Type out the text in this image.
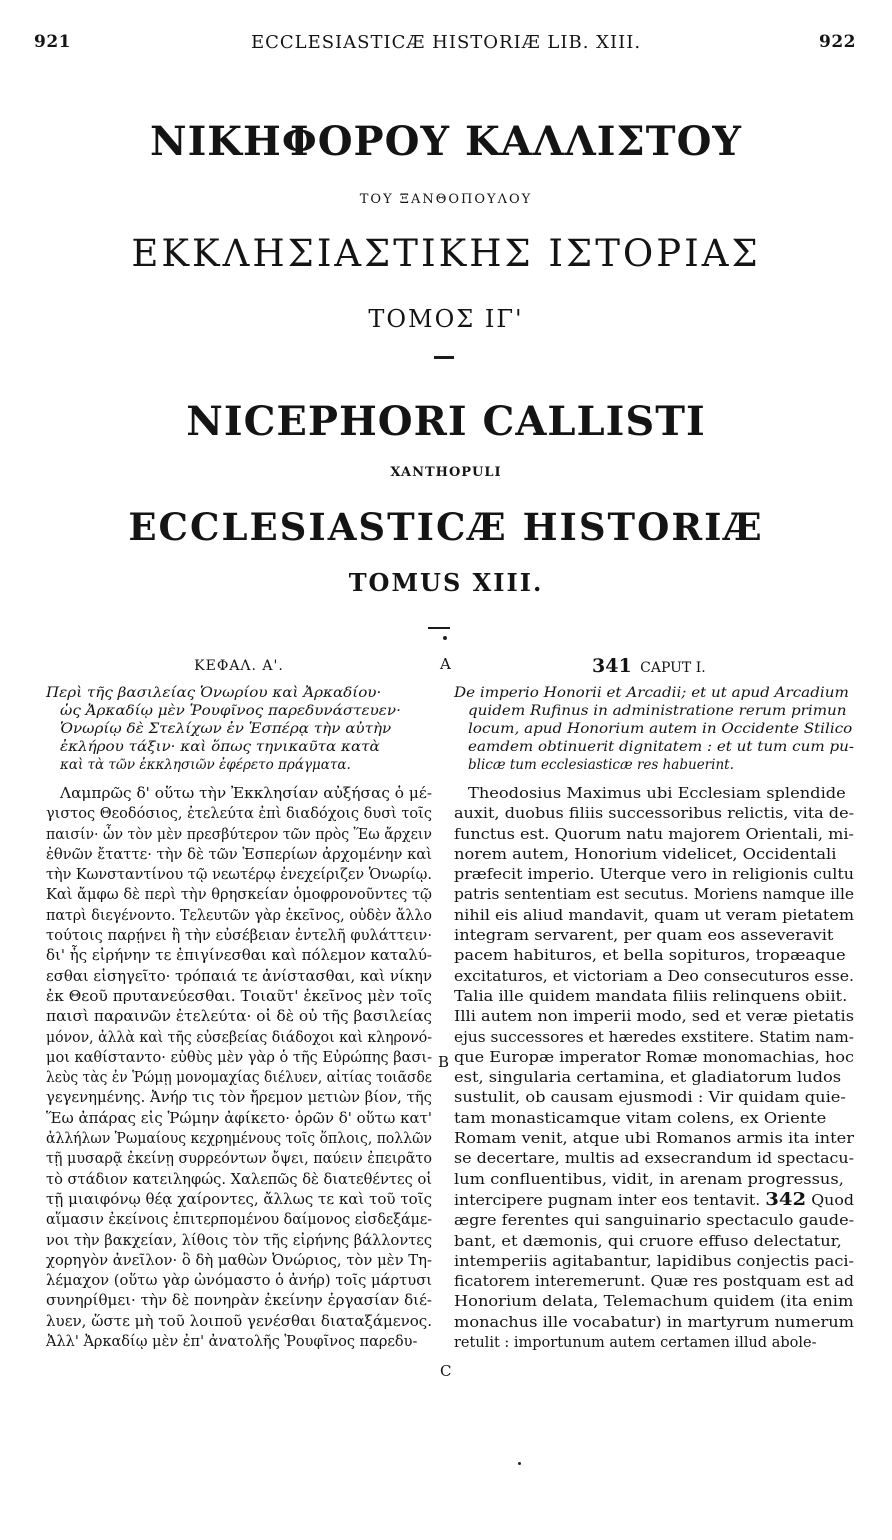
921	ECCLESIASTICÆ HISTORIÆ LIB. XIII.	922
ΝΙΚΗΦΟΡΟΥ ΚΑΛΛΙΣΤΟΥ
ΤΟΥ ΞΑΝΘΟΠΟΥΛΟΥ
ΕΚΚΛΗΣΙΑΣΤΙΚΗΣ ΙΣΤΟΡΙΑΣ
ΤΟΜΟΣ ΙΓ'
NICEPHORI CALLISTI
XANTHOPULI
ECCLESIASTICÆ HISTORIÆ
TOMUS XIII.
ΚΕΦΑΛ. Α'.
Περὶ τῆς βασιλείας Ὁνωρίου καὶ Ἀρκαδίου·
ὡς Ἀρκαδίῳ μὲν Ῥουφῖνος παρεδυνάστευεν·
Ὁνωρίῳ δὲ Στελίχων ἐν Ἑσπέρᾳ τὴν αὐτὴν
ἐκλήρου τάξιν· καὶ ὅπως τηνικαῦτα κατὰ
καὶ τὰ τῶν ἐκκλησιῶν ἐφέρετο πράγματα.
Λαμπρῶς δ' οὕτω τὴν Ἐκκλησίαν αὐξήσας ὁ μέ-
γιστος Θεοδόσιος, ἐτελεύτα ἐπὶ διαδόχοις δυσὶ τοῖς
παισίν· ὧν τὸν μὲν πρεσβύτερον τῶν πρὸς Ἕω ἄρχειν
ἐθνῶν ἔταττε· τὴν δὲ τῶν Ἑσπερίων ἀρχομένην καὶ
τὴν Κωνσταντίνου τῷ νεωτέρῳ ἐνεχείριζεν Ὁνωρίῳ.
Καὶ ἄμφω δὲ περὶ τὴν θρησκείαν ὁμοφρονοῦντες τῷ
πατρὶ διεγένοντο. Τελευτῶν γὰρ ἐκεῖνος, οὐδὲν ἄλλο
τούτοις παρῄνει ἢ τὴν εὐσέβειαν ἐντελῆ φυλάττειν·
δι' ἧς εἰρήνην τε ἐπιγίνεσθαι καὶ πόλεμον καταλύ-
εσθαι εἰσηγεῖτο· τρόπαιά τε ἀνίστασθαι, καὶ νίκην
ἐκ Θεοῦ πρυτανεύεσθαι. Τοιαῦτ' ἐκεῖνος μὲν τοῖς
παισὶ παραινῶν ἐτελεύτα· οἱ δὲ οὐ τῆς βασιλείας
μόνον, ἀλλὰ καὶ τῆς εὐσεβείας διάδοχοι καὶ κληρονό-
μοι καθίσταντο· εὐθὺς μὲν γὰρ ὁ τῆς Εὐρώπης βασι-
λεὺς τὰς ἐν Ῥώμῃ μονομαχίας διέλυεν, αἰτίας τοιᾶσδε
γεγενημένης. Ἀνήρ τις τὸν ἤρεμον μετιὼν βίον, τῆς
Ἕω ἀπάρας εἰς Ῥώμην ἀφίκετο· ὁρῶν δ' οὕτω κατ'
ἀλλήλων Ῥωμαίους κεχρημένους τοῖς ὅπλοις, πολλῶν
τῇ μυσαρᾷ ἐκείνῃ συρρεόντων ὄψει, παύειν ἐπειρᾶτο
τὸ στάδιον κατειληφώς. Χαλεπῶς δὲ διατεθέντες οἱ
τῇ μιαιφόνῳ θέᾳ χαίροντες, ἄλλως τε καὶ τοῦ τοῖς
αἵμασιν ἐκείνοις ἐπιτερπομένου δαίμονος εἰσδεξάμε-
νοι τὴν βακχείαν, λίθοις τὸν τῆς εἰρήνης βάλλοντες
χορηγὸν ἀνεῖλον· ὃ δὴ μαθὼν Ὀνώριος, τὸν μὲν Τη-
λέμαχον (οὕτω γὰρ ὠνόμαστο ὁ ἀνήρ) τοῖς μάρτυσι
συνηρίθμει· τὴν δὲ πονηρὰν ἐκείνην ἐργασίαν διέ-
λυεν, ὥστε μὴ τοῦ λοιποῦ γενέσθαι διαταξάμενος.
Ἀλλ' Ἀρκαδίῳ μὲν ἐπ' ἀνατολῆς Ῥουφῖνος παρεδυ-
A
B
C
341 CAPUT I.
De imperio Honorii et Arcadii; et ut apud Arcadium
quidem Rufinus in administratione rerum primun
locum, apud Honorium autem in Occidente Stilico
eamdem obtinuerit dignitatem : et ut tum cum pu-
blicæ tum ecclesiasticæ res habuerint.
Theodosius Maximus ubi Ecclesiam splendide
auxit, duobus filiis successoribus relictis, vita de-
functus est. Quorum natu majorem Orientali, mi-
norem autem, Honorium videlicet, Occidentali
præfecit imperio. Uterque vero in religionis cultu
patris sententiam est secutus. Moriens namque ille
nihil eis aliud mandavit, quam ut veram pietatem
integram servarent, per quam eos asseveravit
pacem habituros, et bella sopituros, tropæaque
excitaturos, et victoriam a Deo consecuturos esse.
Talia ille quidem mandata filiis relinquens obiit.
Illi autem non imperii modo, sed et veræ pietatis
ejus successores et hæredes exstitere. Statim nam-
que Europæ imperator Romæ monomachias, hoc
est, singularia certamina, et gladiatorum ludos
sustulit, ob causam ejusmodi : Vir quidam quie-
tam monasticamque vitam colens, ex Oriente
Romam venit, atque ubi Romanos armis ita inter
se decertare, multis ad exsecrandum id spectacu-
lum confluentibus, vidit, in arenam progressus,
intercipere pugnam inter eos tentavit. 342 Quod
ægre ferentes qui sanguinario spectaculo gaude-
bant, et dæmonis, qui cruore effuso delectatur,
intemperiis agitabantur, lapidibus conjectis paci-
ficatorem interemerunt. Quæ res postquam est ad
Honorium delata, Telemachum quidem (ita enim
monachus ille vocabatur) in martyrum numerum
retulit : importunum autem certamen illud abole-
